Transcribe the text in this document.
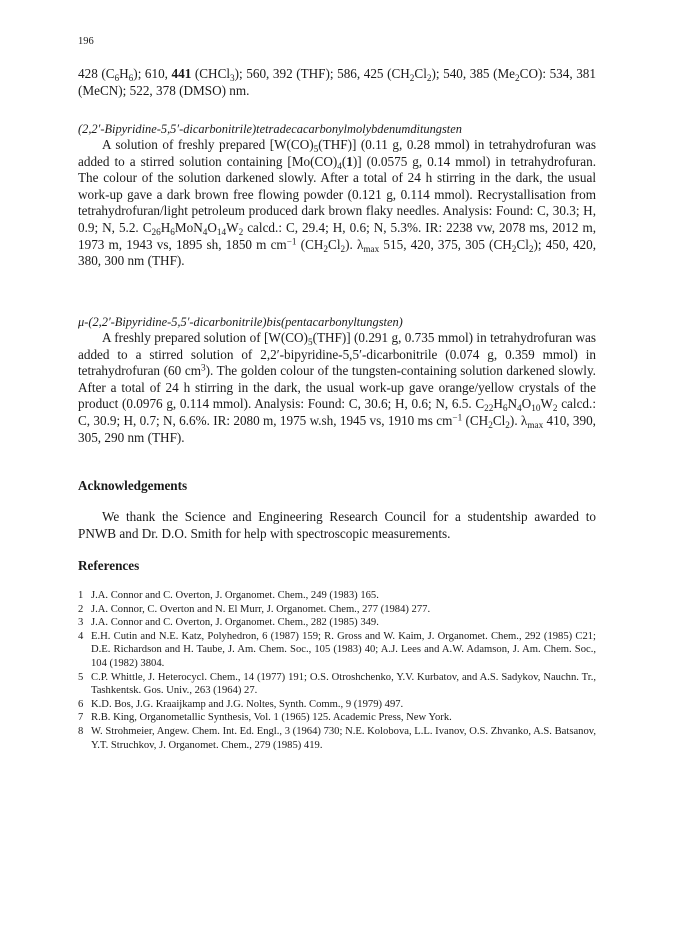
196

428 $(C_6H_6)$; 610, 441 (CHCl$_3$); 560, 392 (THF); 586, 425 $(CH_2Cl_2)$; 540, 385 $(Me_2CO)$: 534, 381 (MeCN); 522, 378 (DMSO) nm.

(2,2′-Bipyridine-5,5′-dicarbonitrile)tetradecacarbonylmolybdenumditungsten

A solution of freshly prepared $[W(CO)_5(THF)]$ (0.11 g, 0.28 mmol) in tetrahydrofuran was added to a stirred solution containing $[Mo(CO)_4(1)]$ (0.0575 g, 0.14 mmol) in tetrahydrofuran. The colour of the solution darkened slowly. After a total of 24 h stirring in the dark, the usual work-up gave a dark brown free flowing powder (0.121 g, 0.114 mmol). Recrystallisation from tetrahydrofuran/light petroleum produced dark brown flaky needles. Analysis: Found: C, 30.3; H, 0.9; N, 5.2. $C_{26}H_6MoN_4O_{14}W_2$ calcd.: C, 29.4; H, 0.6; N, 5.3%. IR: 2238 vw, 2078 ms, 2012 m, 1973 m, 1943 vs, 1895 sh, 1850 m $cm^{-1}$ $(CH_2Cl_2)$. $\lambda_{max}$ 515, 420, 375, 305 $(CH_2Cl_2)$; 450, 420, 380, 300 nm (THF).

μ-(2,2′-Bipyridine-5,5′-dicarbonitrile)bis(pentacarbonyltungsten)

A freshly prepared solution of $[W(CO)_5(THF)]$ (0.291 g, 0.735 mmol) in tetrahydrofuran was added to a stirred solution of 2,2′-bipyridine-5,5′-dicarbonitrile (0.074 g, 0.359 mmol) in tetrahydrofuran (60 $cm^3$). The golden colour of the tungsten-containing solution darkened slowly. After a total of 24 h stirring in the dark, the usual work-up gave orange/yellow crystals of the product (0.0976 g, 0.114 mmol). Analysis: Found: C, 30.6; H, 0.6; N, 6.5. $C_{22}H_6N_4O_{10}W_2$ calcd.: C, 30.9; H, 0.7; N, 6.6%. IR: 2080 m, 1975 w.sh, 1945 vs, 1910 ms $cm^{-1}$ $(CH_2Cl_2)$. $\lambda_{max}$ 410, 390, 305, 290 nm (THF).

Acknowledgements

We thank the Science and Engineering Research Council for a studentship awarded to PNWB and Dr. D.O. Smith for help with spectroscopic measurements.

References

1 J.A. Connor and C. Overton, J. Organomet. Chem., 249 (1983) 165.
2 J.A. Connor, C. Overton and N. El Murr, J. Organomet. Chem., 277 (1984) 277.
3 J.A. Connor and C. Overton, J. Organomet. Chem., 282 (1985) 349.
4 E.H. Cutin and N.E. Katz, Polyhedron, 6 (1987) 159; R. Gross and W. Kaim, J. Organomet. Chem., 292 (1985) C21; D.E. Richardson and H. Taube, J. Am. Chem. Soc., 105 (1983) 40; A.J. Lees and A.W. Adamson, J. Am. Chem. Soc., 104 (1982) 3804.
5 C.P. Whittle, J. Heterocycl. Chem., 14 (1977) 191; O.S. Otroshchenko, Y.V. Kurbatov, and A.S. Sadykov, Nauchn. Tr., Tashkentsk. Gos. Univ., 263 (1964) 27.
6 K.D. Bos, J.G. Kraaijkamp and J.G. Noltes, Synth. Comm., 9 (1979) 497.
7 R.B. King, Organometallic Synthesis, Vol. 1 (1965) 125. Academic Press, New York.
8 W. Strohmeier, Angew. Chem. Int. Ed. Engl., 3 (1964) 730; N.E. Kolobova, L.L. Ivanov, O.S. Zhvanko, A.S. Batsanov, Y.T. Struchkov, J. Organomet. Chem., 279 (1985) 419.
